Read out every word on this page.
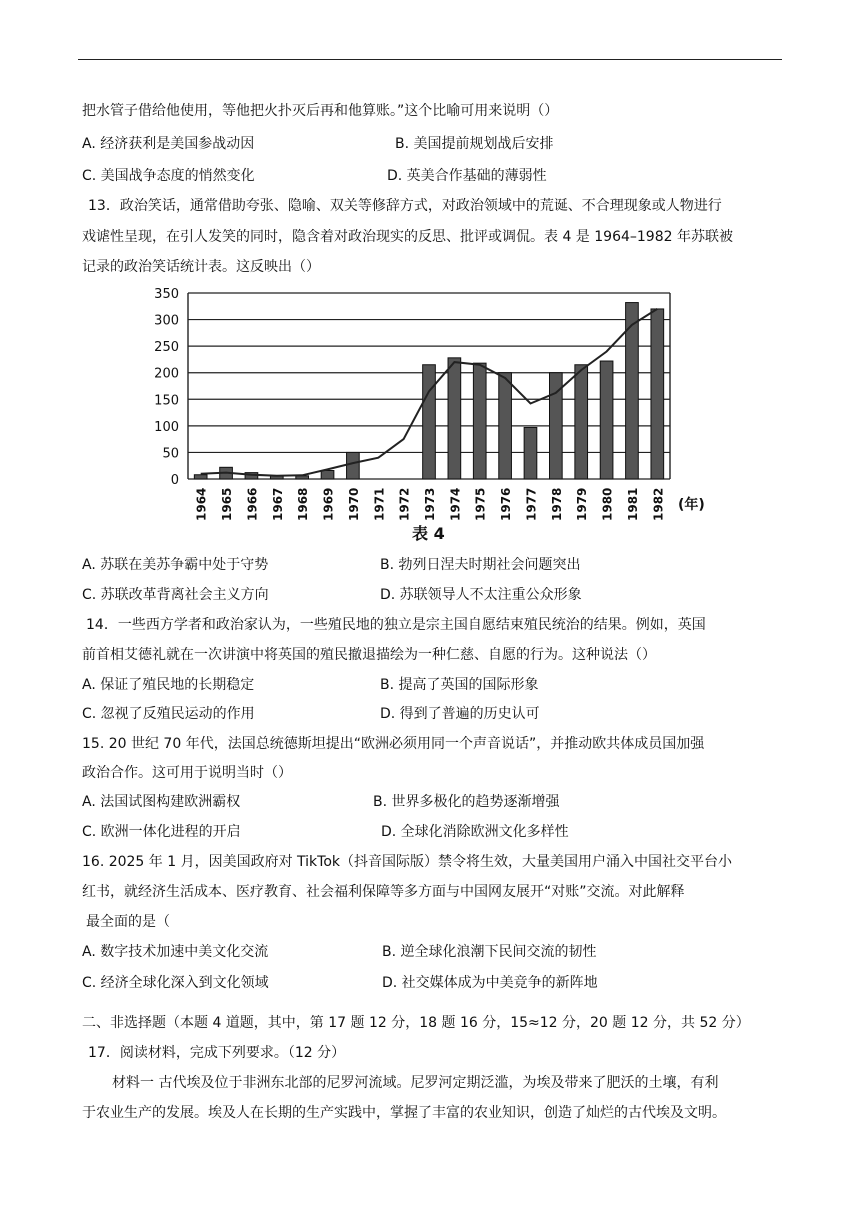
把水管子借给他使用，等他把火扑灭后再和他算账。”这个比喻可用来说明（）
A. 经济获利是美国参战动因	B. 美国提前规划战后安排
C. 美国战争态度的悄然变化	D. 英美合作基础的薄弱性
13．政治笑话，通常借助夸张、隐喻、双关等修辞方式，对政治领域中的荒诞、不合理现象或人物进行
戏谑性呈现，在引人发笑的同时，隐含着对政治现实的反思、批评或调侃。表 4 是 1964–1982 年苏联被
记录的政治笑话统计表。这反映出（）
0
50
100
150
200
250
300
350
1964 1965 1966 1967 1968 1969 1970 1971 1972 1973 1974 1975 1976 1977 1978 1979 1980 1981 1982 (年)
表 4
A. 苏联在美苏争霸中处于守势	B. 勃列日涅夫时期社会问题突出
C. 苏联改革背离社会主义方向	D. 苏联领导人不太注重公众形象
14．一些西方学者和政治家认为，一些殖民地的独立是宗主国自愿结束殖民统治的结果。例如，英国
前首相艾德礼就在一次讲演中将英国的殖民撤退描绘为一种仁慈、自愿的行为。这种说法（）
A. 保证了殖民地的长期稳定	B. 提高了英国的国际形象
C. 忽视了反殖民运动的作用	D. 得到了普遍的历史认可
15. 20 世纪 70 年代，法国总统德斯坦提出“欧洲必须用同一个声音说话”，并推动欧共体成员国加强
政治合作。这可用于说明当时（）
A. 法国试图构建欧洲霸权	B. 世界多极化的趋势逐渐增强
C. 欧洲一体化进程的开启	D. 全球化消除欧洲文化多样性
16. 2025 年 1 月，因美国政府对 TikTok（抖音国际版）禁令将生效，大量美国用户涌入中国社交平台小
红书，就经济生活成本、医疗教育、社会福利保障等多方面与中国网友展开“对账”交流。对此解释
最全面的是（
A. 数字技术加速中美文化交流	B. 逆全球化浪潮下民间交流的韧性
C. 经济全球化深入到文化领域	D. 社交媒体成为中美竞争的新阵地
二、非选择题（本题 4 道题，其中，第 17 题 12 分，18 题 16 分，15≈12 分，20 题 12 分，共 52 分）
17．阅读材料，完成下列要求。（12 分）
材料一 古代埃及位于非洲东北部的尼罗河流域。尼罗河定期泛滥，为埃及带来了肥沃的土壤，有利
于农业生产的发展。埃及人在长期的生产实践中，掌握了丰富的农业知识，创造了灿烂的古代埃及文明。
